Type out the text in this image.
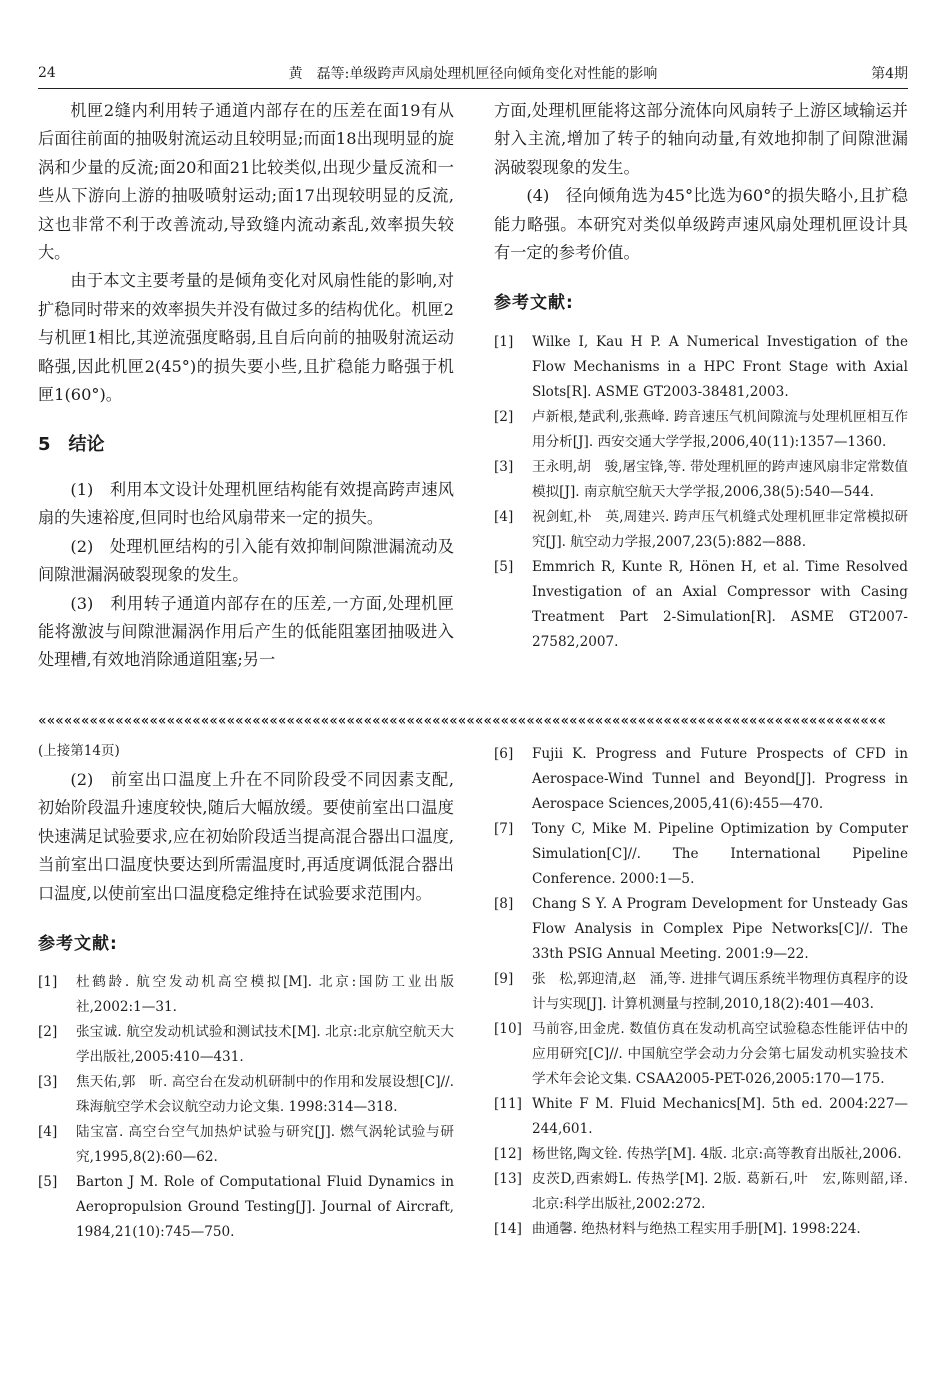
24	黄　磊等:单级跨声风扇处理机匣径向倾角变化对性能的影响	第4期

机匣2缝内利用转子通道内部存在的压差在面19有从后面往前面的抽吸射流运动且较明显;而面18出现明显的旋涡和少量的反流;面20和面21比较类似,出现少量反流和一些从下游向上游的抽吸喷射运动;面17出现较明显的反流,这也非常不利于改善流动,导致缝内流动紊乱,效率损失较大。

由于本文主要考量的是倾角变化对风扇性能的影响,对扩稳同时带来的效率损失并没有做过多的结构优化。机匣2与机匣1相比,其逆流强度略弱,且自后向前的抽吸射流运动略强,因此机匣2(45°)的损失要小些,且扩稳能力略强于机匣1(60°)。

5　结论

(1)　利用本文设计处理机匣结构能有效提高跨声速风扇的失速裕度,但同时也给风扇带来一定的损失。

(2)　处理机匣结构的引入能有效抑制间隙泄漏流动及间隙泄漏涡破裂现象的发生。

(3)　利用转子通道内部存在的压差,一方面,处理机匣能将激波与间隙泄漏涡作用后产生的低能阻塞团抽吸进入处理槽,有效地消除通道阻塞;另一

方面,处理机匣能将这部分流体向风扇转子上游区域输运并射入主流,增加了转子的轴向动量,有效地抑制了间隙泄漏涡破裂现象的发生。

(4)　径向倾角选为45°比选为60°的损失略小,且扩稳能力略强。本研究对类似单级跨声速风扇处理机匣设计具有一定的参考价值。

参考文献:
[1]	Wilke I, Kau H P. A Numerical Investigation of the Flow Mechanisms in a HPC Front Stage with Axial Slots[R]. ASME GT2003-38481,2003.
[2]	卢新根,楚武利,张燕峰. 跨音速压气机间隙流与处理机匣相互作用分析[J]. 西安交通大学学报,2006,40(11):1357—1360.
[3]	王永明,胡　骏,屠宝锋,等. 带处理机匣的跨声速风扇非定常数值模拟[J]. 南京航空航天大学学报,2006,38(5):540—544.
[4]	祝剑虹,朴　英,周建兴. 跨声压气机缝式处理机匣非定常模拟研究[J]. 航空动力学报,2007,23(5):882—888.
[5]	Emmrich R, Kunte R, Hönen H, et al. Time Resolved Investigation of an Axial Compressor with Casing Treatment Part 2-Simulation[R]. ASME GT2007-27582,2007.
«««««««««««««««««««««««««««««««««««««««««««««««««««««««««««««««««««««««««««««««««««««««««««««««««««

(上接第14页)

(2)　前室出口温度上升在不同阶段受不同因素支配,初始阶段温升速度较快,随后大幅放缓。要使前室出口温度快速满足试验要求,应在初始阶段适当提高混合器出口温度,当前室出口温度快要达到所需温度时,再适度调低混合器出口温度,以使前室出口温度稳定维持在试验要求范围内。

参考文献:
[1]	杜鹤龄. 航空发动机高空模拟[M]. 北京:国防工业出版社,2002:1—31.
[2]	张宝诚. 航空发动机试验和测试技术[M]. 北京:北京航空航天大学出版社,2005:410—431.
[3]	焦天佑,郭　昕. 高空台在发动机研制中的作用和发展设想[C]//. 珠海航空学术会议航空动力论文集. 1998:314—318.
[4]	陆宝富. 高空台空气加热炉试验与研究[J]. 燃气涡轮试验与研究,1995,8(2):60—62.
[5]	Barton J M. Role of Computational Fluid Dynamics in Aeropropulsion Ground Testing[J]. Journal of Aircraft, 1984,21(10):745—750.
[6]	Fujii K. Progress and Future Prospects of CFD in Aerospace-Wind Tunnel and Beyond[J]. Progress in Aerospace Sciences,2005,41(6):455—470.
[7]	Tony C, Mike M. Pipeline Optimization by Computer Simulation[C]//. The International Pipeline Conference. 2000:1—5.
[8]	Chang S Y. A Program Development for Unsteady Gas Flow Analysis in Complex Pipe Networks[C]//. The 33th PSIG Annual Meeting. 2001:9—22.
[9]	张　松,郭迎清,赵　涌,等. 进排气调压系统半物理仿真程序的设计与实现[J]. 计算机测量与控制,2010,18(2):401—403.
[10] 马前容,田金虎. 数值仿真在发动机高空试验稳态性能评估中的应用研究[C]//. 中国航空学会动力分会第七届发动机实验技术学术年会论文集. CSAA2005-PET-026,2005:170—175.
[11] White F M. Fluid Mechanics[M]. 5th ed. 2004:227—244,601.
[12] 杨世铭,陶文铨. 传热学[M]. 4版. 北京:高等教育出版社,2006.
[13] 皮茨D,西索姆L. 传热学[M]. 2版. 葛新石,叶　宏,陈则韶,译. 北京:科学出版社,2002:272.
[14] 曲通馨. 绝热材料与绝热工程实用手册[M]. 1998:224.
